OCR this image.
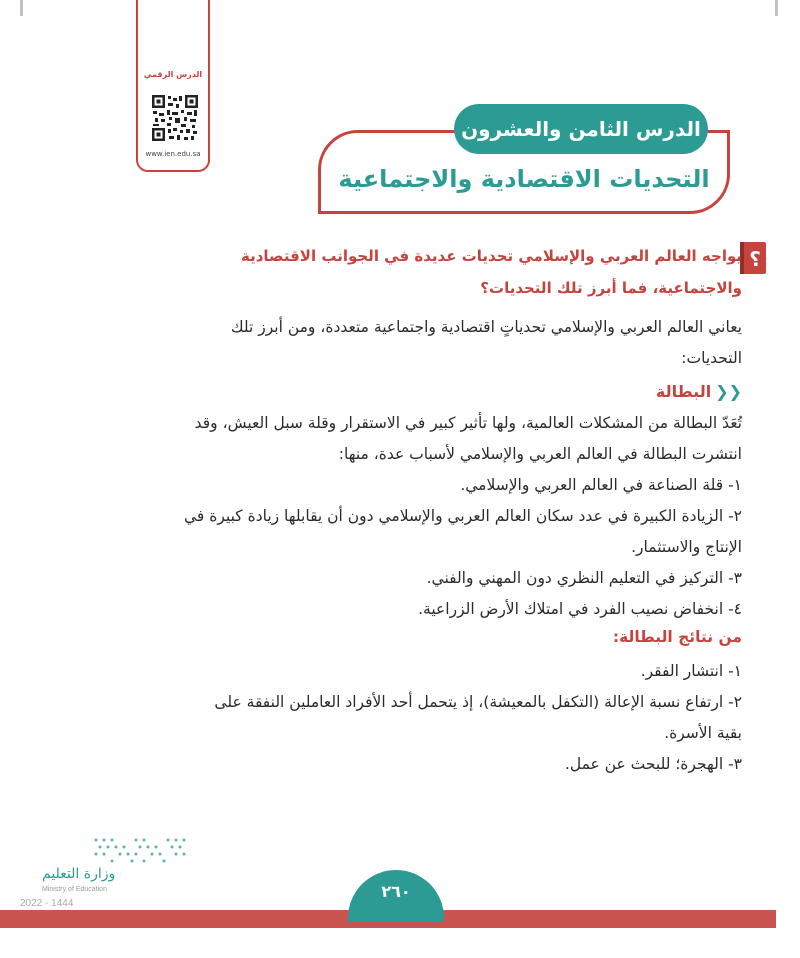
الدرس الرقمي
www.ien.edu.sa
التحديات الاقتصادية والاجتماعية
الدرس الثامن والعشرون
؟
يواجه العالم العربي والإسلامي تحديات عديدة في الجوانب الاقتصادية
والاجتماعية، فما أبرز تلك التحديات؟
يعاني العالم العربي والإسلامي تحدياتٍ اقتصادية واجتماعية متعددة، ومن أبرز تلك
التحديات:
❮❮البطالة
تُعَدّ البطالة من المشكلات العالمية، ولها تأثير كبير في الاستقرار وقلة سبل العيش، وقد
انتشرت البطالة في العالم العربي والإسلامي لأسباب عدة، منها:
١- قلة الصناعة في العالم العربي والإسلامي.
٢- الزيادة الكبيرة في عدد سكان العالم العربي والإسلامي دون أن يقابلها زيادة كبيرة في
الإنتاج والاستثمار.
٣- التركيز في التعليم النظري دون المهني والفني.
٤- انخفاض نصيب الفرد في امتلاك الأرض الزراعية.
من نتائج البطالة:
١- انتشار الفقر.
٢- ارتفاع نسبة الإعالة (التكفل بالمعيشة)، إذ يتحمل أحد الأفراد العاملين النفقة على
بقية الأسرة.
٣- الهجرة؛ للبحث عن عمل.
وزارة التعليم
Ministry of Education
2022 - 1444
٢٦٠
